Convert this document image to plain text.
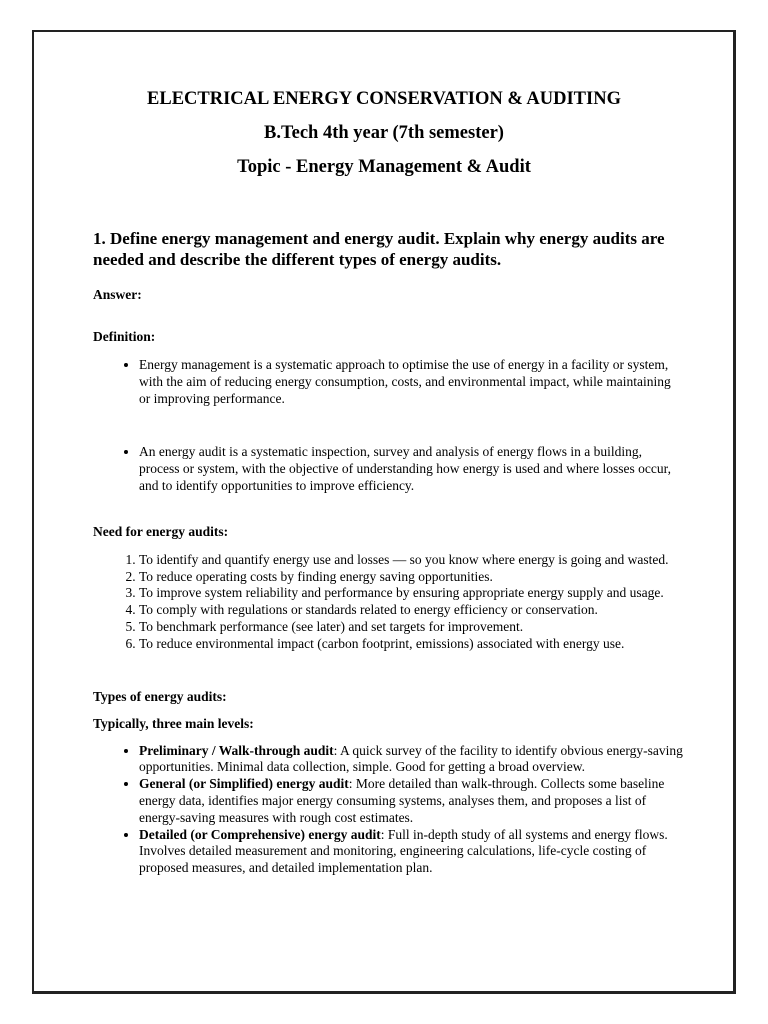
ELECTRICAL ENERGY CONSERVATION & AUDITING
B.Tech 4th year (7th semester)
Topic - Energy Management & Audit

1. Define energy management and energy audit. Explain why energy audits are needed and describe the different types of energy audits.

Answer:

Definition:

• Energy management is a systematic approach to optimise the use of energy in a facility or system, with the aim of reducing energy consumption, costs, and environmental impact, while maintaining or improving performance.
• An energy audit is a systematic inspection, survey and analysis of energy flows in a building, process or system, with the objective of understanding how energy is used and where losses occur, and to identify opportunities to improve efficiency.

Need for energy audits:

1. To identify and quantify energy use and losses — so you know where energy is going and wasted.
2. To reduce operating costs by finding energy saving opportunities.
3. To improve system reliability and performance by ensuring appropriate energy supply and usage.
4. To comply with regulations or standards related to energy efficiency or conservation.
5. To benchmark performance (see later) and set targets for improvement.
6. To reduce environmental impact (carbon footprint, emissions) associated with energy use.

Types of energy audits:

Typically, three main levels:

• Preliminary / Walk-through audit: A quick survey of the facility to identify obvious energy-saving opportunities. Minimal data collection, simple. Good for getting a broad overview.
• General (or Simplified) energy audit: More detailed than walk-through. Collects some baseline energy data, identifies major energy consuming systems, analyses them, and proposes a list of energy-saving measures with rough cost estimates.
• Detailed (or Comprehensive) energy audit: Full in-depth study of all systems and energy flows. Involves detailed measurement and monitoring, engineering calculations, life-cycle costing of proposed measures, and detailed implementation plan.
